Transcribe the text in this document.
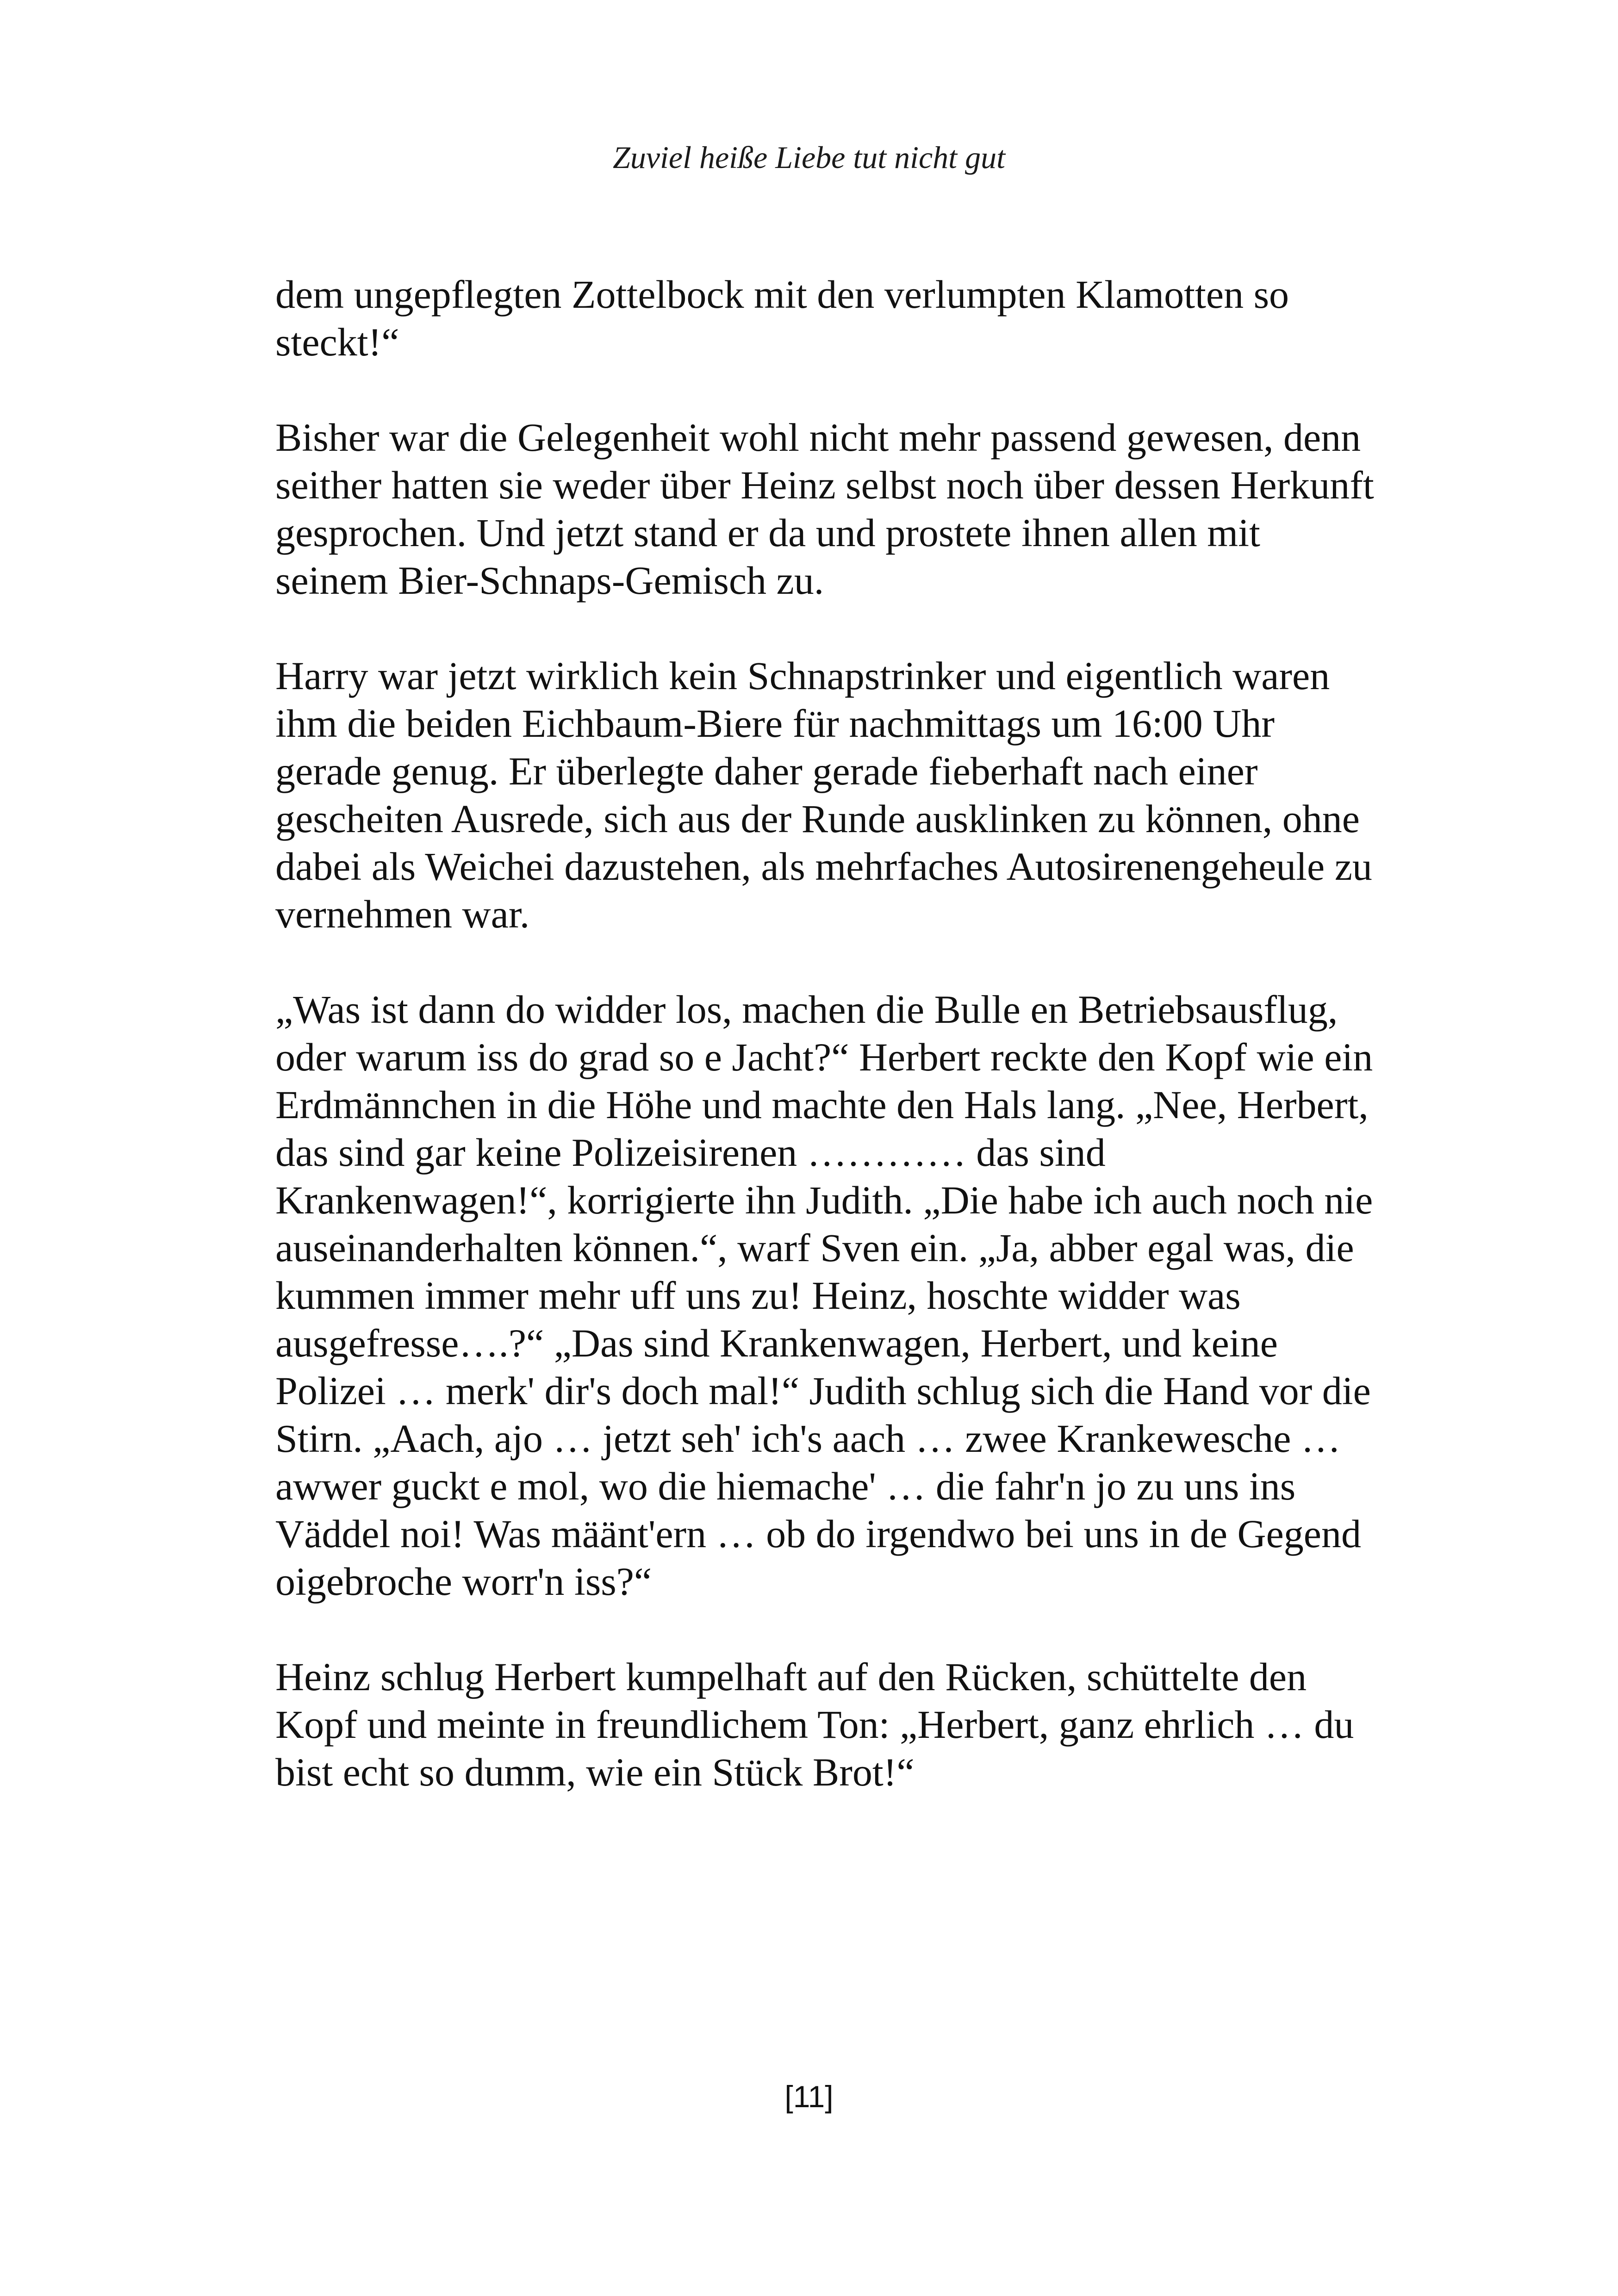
Zuviel heiße Liebe tut nicht gut

dem ungepflegten Zottelbock mit den verlumpten Klamotten so steckt!“

Bisher war die Gelegenheit wohl nicht mehr passend gewesen, denn seither hatten sie weder über Heinz selbst noch über dessen Herkunft gesprochen. Und jetzt stand er da und prostete ihnen allen mit seinem Bier-Schnaps-Gemisch zu.

Harry war jetzt wirklich kein Schnapstrinker und eigentlich waren ihm die beiden Eichbaum-Biere für nachmittags um 16:00 Uhr gerade genug. Er überlegte daher gerade fieberhaft nach einer gescheiten Ausrede, sich aus der Runde ausklinken zu können, ohne dabei als Weichei dazustehen, als mehrfaches Autosirenengeheule zu vernehmen war.

„Was ist dann do widder los, machen die Bulle en Betriebsausflug, oder warum iss do grad so e Jacht?“ Herbert reckte den Kopf wie ein Erdmännchen in die Höhe und machte den Hals lang. „Nee, Herbert, das sind gar keine Polizeisirenen ………… das sind Krankenwagen!“, korrigierte ihn Judith. „Die habe ich auch noch nie auseinanderhalten können.“, warf Sven ein. „Ja, abber egal was, die kummen immer mehr uff uns zu! Heinz, hoschte widder was ausgefresse….?“ „Das sind Krankenwagen, Herbert, und keine Polizei … merk' dir's doch mal!“ Judith schlug sich die Hand vor die Stirn. „Aach, ajo … jetzt seh' ich's aach … zwee Krankewesche … awwer guckt e mol, wo die hiemache' … die fahr'n jo zu uns ins Väddel noi! Was määnt'ern … ob do irgendwo bei uns in de Gegend oigebroche worr'n iss?“

Heinz schlug Herbert kumpelhaft auf den Rücken, schüttelte den Kopf und meinte in freundlichem Ton: „Herbert, ganz ehrlich … du bist echt so dumm, wie ein Stück Brot!“

[11]
